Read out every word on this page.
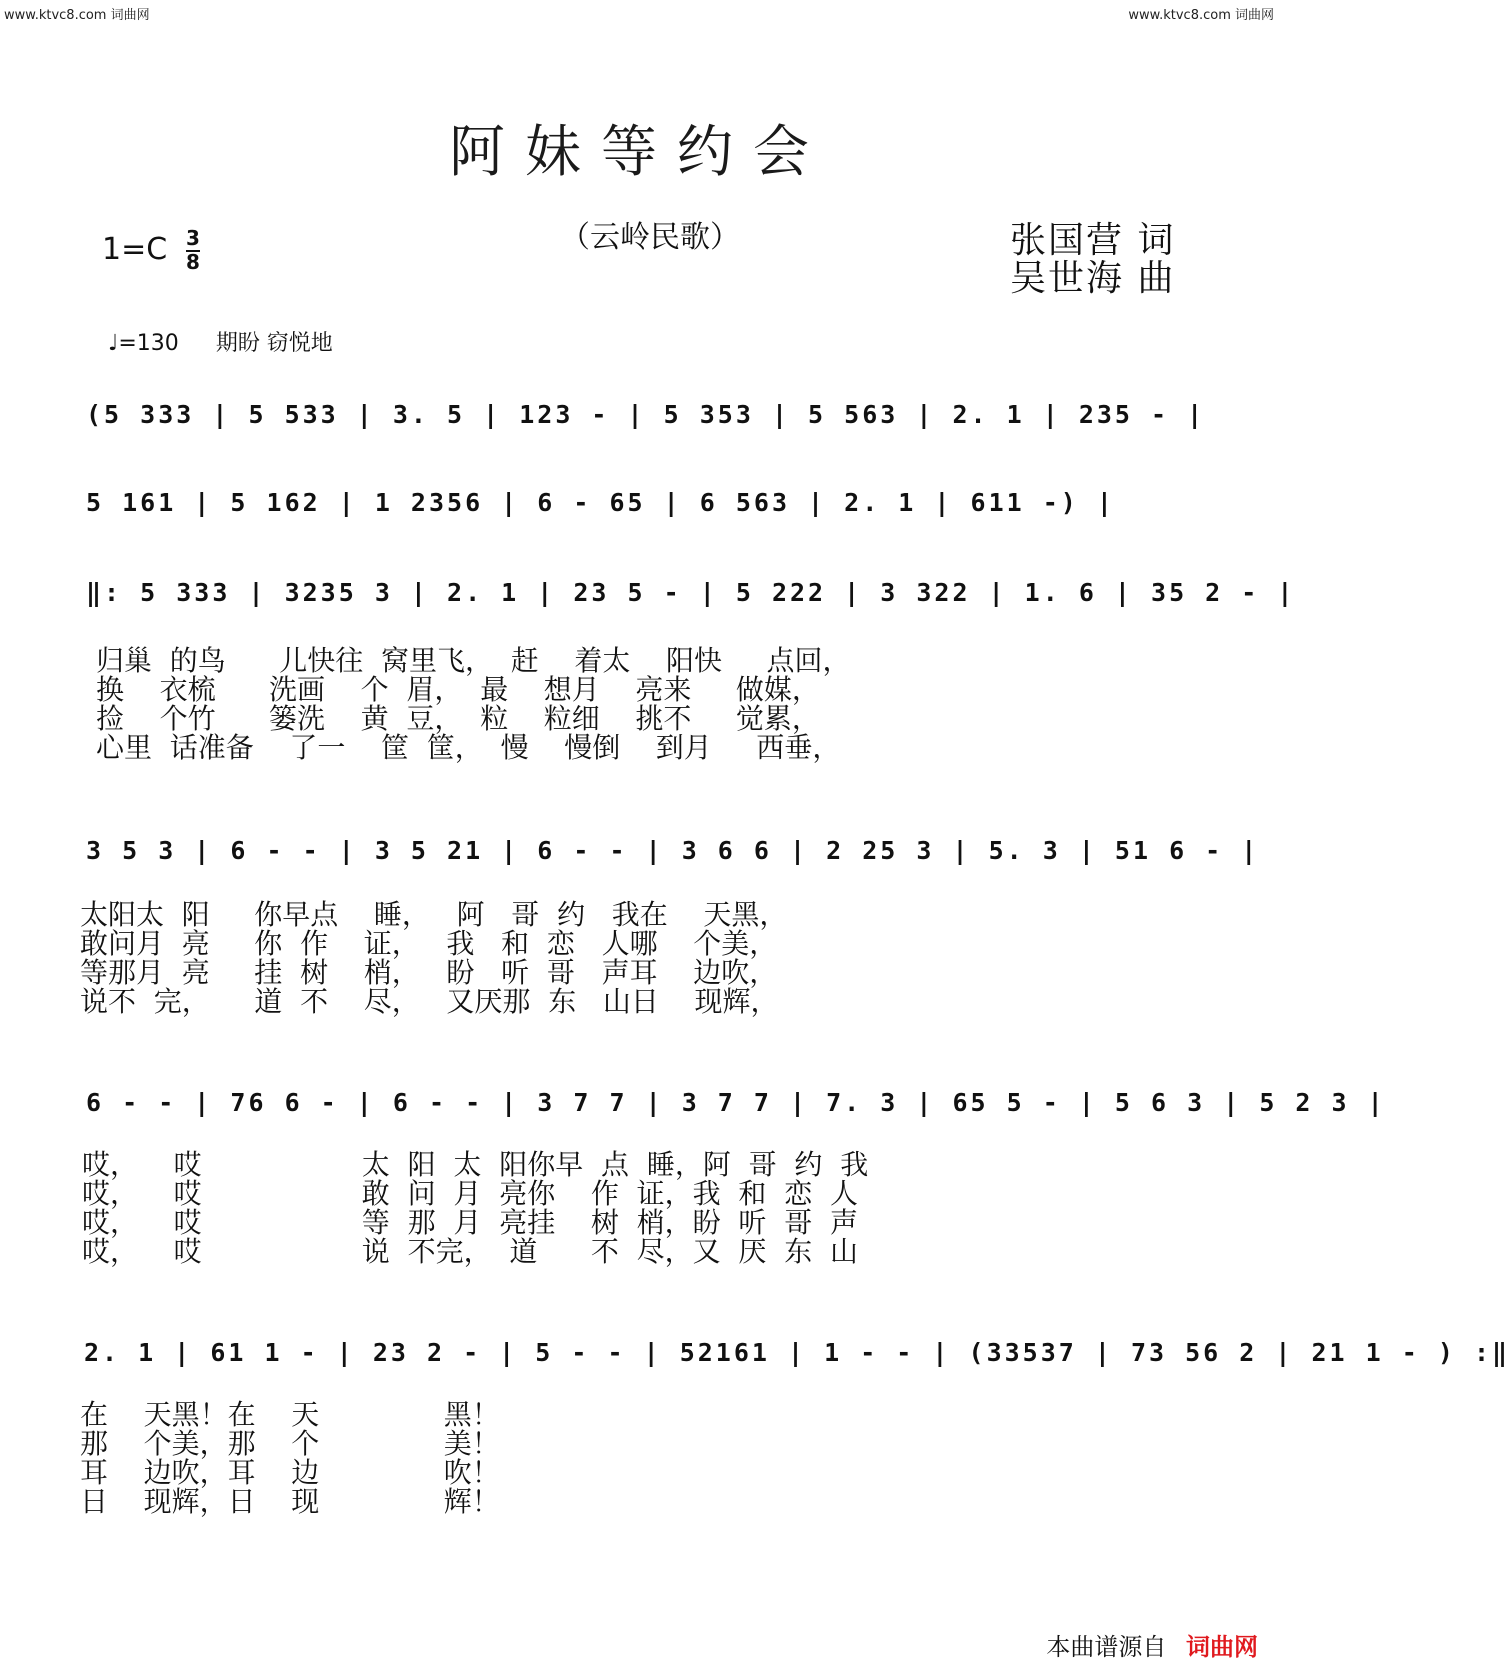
www.ktvc8.com 词曲网	www.ktvc8.com 词曲网
阿妹等约会
（云岭民歌）	张国营 词
吴世海 曲
1=C 3
8
♩=130 期盼 窃悦地
(5 333 | 5 533 | 3. 5 | 123 - | 5 353 | 5 563 | 2. 1 | 235 - |
5 161 | 5 162 | 1 2356 | 6 - 65 | 6 563 | 2. 1 | 611 -) |
‖: 5 333 | 3235 3 | 2. 1 | 23 5 - | 5 222 | 3 322 | 1. 6 | 35 2 - |
归巢  的鸟      儿快往  窝里飞，  赶    着太    阳快     点回，
换    衣梳      洗画    个  眉，  最    想月    亮来     做媒，
捡    个竹      篓洗    黄  豆，  粒    粒细    挑不     觉累，
心里  话准备    了一    筐  筐，  慢    慢倒    到月     西垂，
3 5 3 | 6 - - | 3 5 21 | 6 - - | 3 6 6 | 2 25 3 | 5. 3 | 51 6 - |
太阳太  阳     你早点    睡，   阿   哥  约   我在    天黑，
敢问月  亮     你  作    证，   我   和  恋   人哪    个美，
等那月  亮     挂  树    梢，   盼   听  哥   声耳    边吹，
说不  完，     道  不    尽，   又厌那  东   山日    现辉，
6 - - | 76 6 - | 6 - - | 3 7 7 | 3 7 7 | 7. 3 | 65 5 - | 5 6 3 | 5 2 3 |
哎，    哎                  太  阳  太  阳你早  点  睡，阿  哥  约  我
哎，    哎                  敢  问  月  亮你    作  证，我  和  恋  人
哎，    哎                  等  那  月  亮挂    树  梢，盼  听  哥  声
哎，    哎                  说  不完，  道      不  尽，又  厌  东  山
2. 1 | 61 1 - | 23 2 - | 5 - - | 52161 | 1 - - | (33537 | 73 56 2 | 21 1 - ) :‖
在    天黑！在    天              黑！
那    个美，那    个              美！
耳    边吹，耳    边              吹！
日    现辉，日    现              辉！
本曲谱源自 词曲网
